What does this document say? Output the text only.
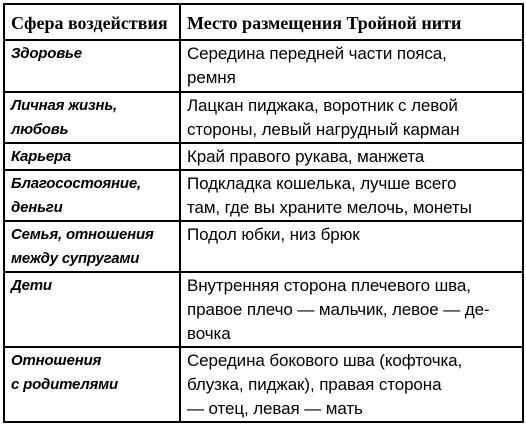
Сфера воздействия	Место размещения Тройной нити

Здоровье	Середина передней части пояса,
ремня

Личная жизнь,
любовь	Лацкан пиджака, воротник с левой
стороны, левый нагрудный карман

Карьера	Край правого рукава, манжета

Благосостояние,
деньги	Подкладка кошелька, лучше всего
там, где вы храните мелочь, монеты

Семья, отношения
между супругами	Подол юбки, низ брюк

Дети	Внутренняя сторона плечевого шва,
правое плечо — мальчик, левое — де-
вочка

Отношения
с родителями	Середина бокового шва (кофточка,
блузка, пиджак), правая сторона
— отец, левая — мать
